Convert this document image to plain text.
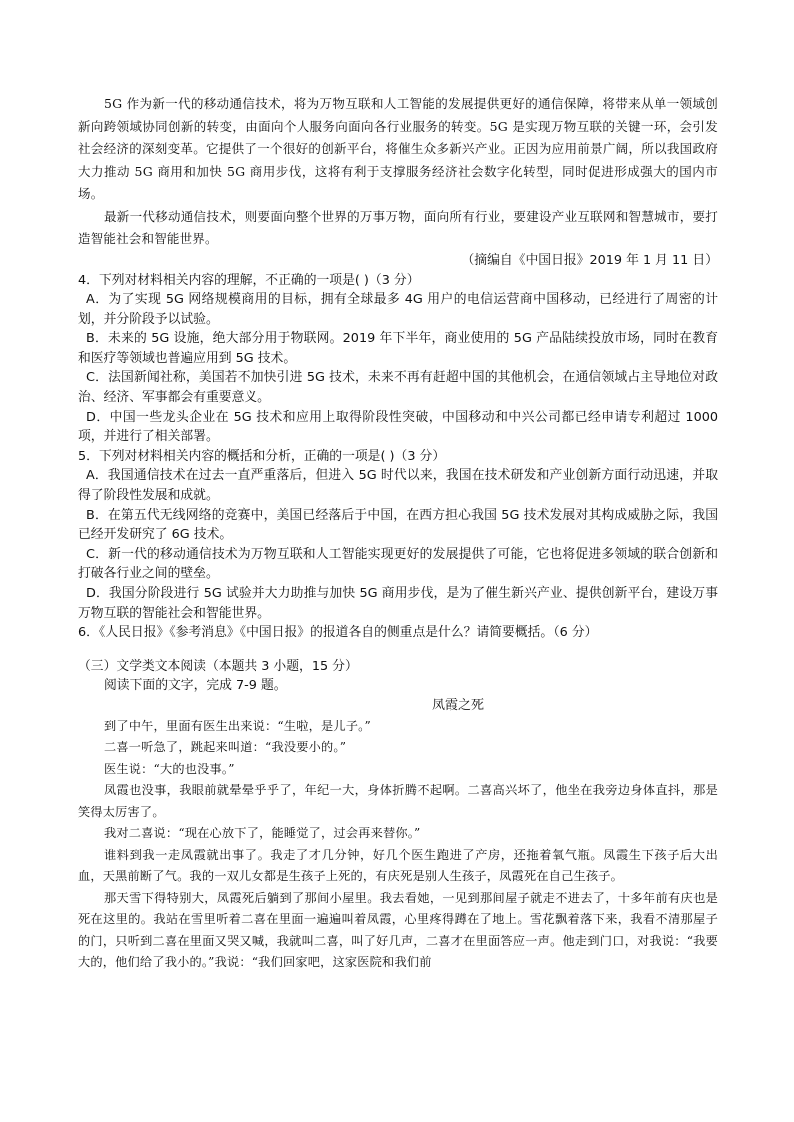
5G 作为新一代的移动通信技术，将为万物互联和人工智能的发展提供更好的通信保障，将带来从单一领域创新向跨领域协同创新的转变，由面向个人服务向面向各行业服务的转变。5G 是实现万物互联的关键一环，会引发社会经济的深刻变革。它提供了一个很好的创新平台，将催生众多新兴产业。正因为应用前景广阔，所以我国政府大力推动 5G 商用和加快 5G 商用步伐，这将有利于支撑服务经济社会数字化转型，同时促进形成强大的国内市场。

最新一代移动通信技术，则要面向整个世界的万事万物，面向所有行业，要建设产业互联网和智慧城市，要打造智能社会和智能世界。

（摘编自《中国日报》2019 年 1 月 11 日）

4．下列对材料相关内容的理解，不正确的一项是( )（3 分）

A．为了实现 5G 网络规模商用的目标，拥有全球最多 4G 用户的电信运营商中国移动，已经进行了周密的计划，并分阶段予以试验。

B．未来的 5G 设施，绝大部分用于物联网。2019 年下半年，商业使用的 5G 产品陆续投放市场，同时在教育和医疗等领域也普遍应用到 5G 技术。

C．法国新闻社称，美国若不加快引进 5G 技术，未来不再有赶超中国的其他机会，在通信领域占主导地位对政治、经济、军事都会有重要意义。

D．中国一些龙头企业在 5G 技术和应用上取得阶段性突破，中国移动和中兴公司都已经申请专利超过 1000 项，并进行了相关部署。

5．下列对材料相关内容的概括和分析，正确的一项是( )（3 分）

A．我国通信技术在过去一直严重落后，但进入 5G 时代以来，我国在技术研发和产业创新方面行动迅速，并取得了阶段性发展和成就。

B．在第五代无线网络的竞赛中，美国已经落后于中国，在西方担心我国 5G 技术发展对其构成威胁之际，我国已经开发研究了 6G 技术。

C．新一代的移动通信技术为万物互联和人工智能实现更好的发展提供了可能，它也将促进多领域的联合创新和打破各行业之间的壁垒。

D．我国分阶段进行 5G 试验并大力助推与加快 5G 商用步伐，是为了催生新兴产业、提供创新平台，建设万事万物互联的智能社会和智能世界。

6．《人民日报》《参考消息》《中国日报》的报道各自的侧重点是什么？请简要概括。（6 分）

（三）文学类文本阅读（本题共 3 小题，15 分）

阅读下面的文字，完成 7-9 题。

凤霞之死

到了中午，里面有医生出来说：“生啦，是儿子。”

二喜一听急了，跳起来叫道：“我没要小的。”

医生说：“大的也没事。”

凤霞也没事，我眼前就晕晕乎乎了，年纪一大，身体折腾不起啊。二喜高兴坏了，他坐在我旁边身体直抖，那是笑得太厉害了。

我对二喜说：“现在心放下了，能睡觉了，过会再来替你。”

谁料到我一走凤霞就出事了。我走了才几分钟，好几个医生跑进了产房，还拖着氧气瓶。凤霞生下孩子后大出血，天黑前断了气。我的一双儿女都是生孩子上死的，有庆死是别人生孩子，凤霞死在自己生孩子。

那天雪下得特别大，凤霞死后躺到了那间小屋里。我去看她，一见到那间屋子就走不进去了，十多年前有庆也是死在这里的。我站在雪里听着二喜在里面一遍遍叫着凤霞，心里疼得蹲在了地上。雪花飘着落下来，我看不清那屋子的门，只听到二喜在里面又哭又喊，我就叫二喜，叫了好几声，二喜才在里面答应一声。他走到门口，对我说：“我要大的，他们给了我小的。”我说：“我们回家吧，这家医院和我们前
